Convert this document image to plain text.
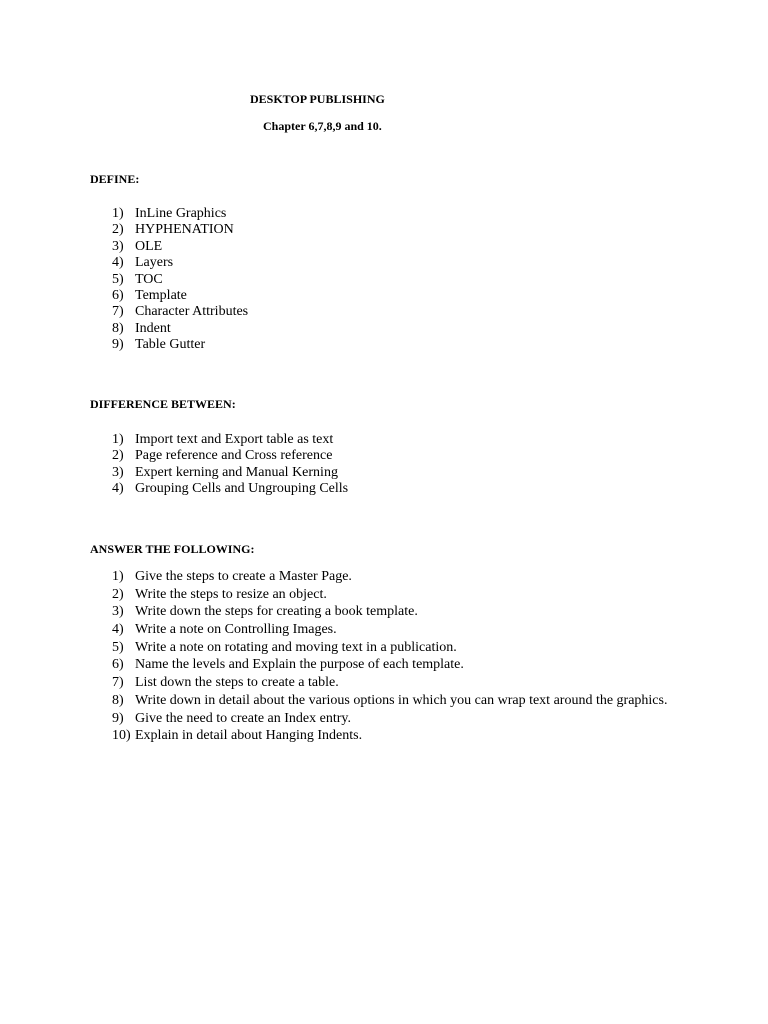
DESKTOP PUBLISHING
Chapter 6,7,8,9 and 10.
DEFINE:
1) InLine Graphics
2) HYPHENATION
3) OLE
4) Layers
5) TOC
6) Template
7) Character Attributes
8) Indent
9) Table Gutter
DIFFERENCE BETWEEN:
1) Import text and Export table as text
2) Page reference and Cross reference
3) Expert kerning and Manual Kerning
4) Grouping Cells and Ungrouping Cells
ANSWER THE FOLLOWING:
1) Give the steps to create a Master Page.
2) Write the steps to resize an object.
3) Write down the steps for creating a book template.
4) Write a note on Controlling Images.
5) Write a note on rotating and moving text in a publication.
6) Name the levels and Explain the purpose of each template.
7) List down the steps to create a table.
8) Write down in detail about the various options in which you can wrap text around the graphics.
9) Give the need to create an Index entry.
10) Explain in detail about Hanging Indents.
